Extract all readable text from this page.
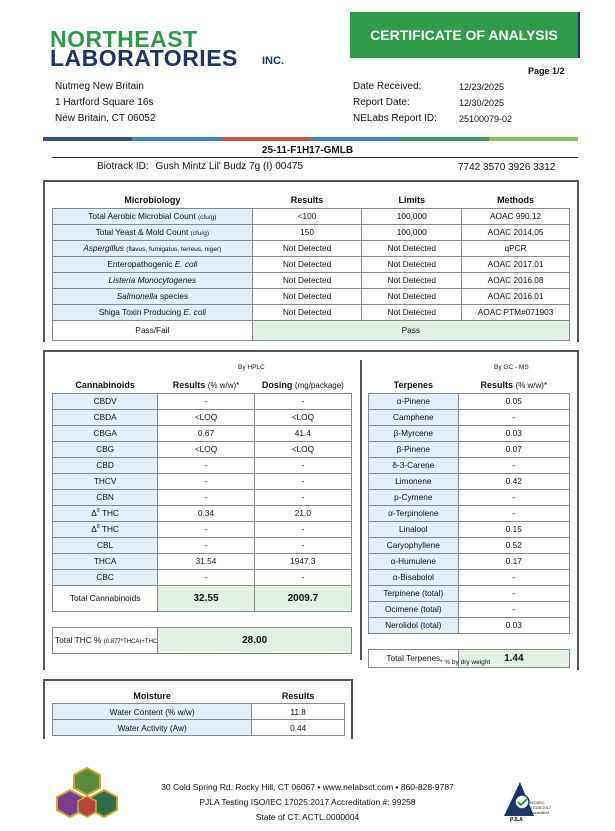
NORTHEAST
LABORATORIES INC.
CERTIFICATE OF ANALYSIS
Page 1/2
Nutmeg New Britain
1 Hartford Square 16s
New Britain, CT 06052
Date Received:	12/23/2025
Report Date:	12/30/2025
NELabs Report ID: 25100079-02
25-11-F1H17-GMLB
Biotrack ID: Gush Mintz Lil' Budz 7g (I) 00475	7742 3570 3926 3312
Microbiology	Results	Limits	Methods
Total Aerobic Microbial Count (cfu/g)	<100	100,000	AOAC 990.12
Total Yeast & Mold Count (cfu/g)	150	100,000	AOAC 2014.05
Aspergillus (flavus, fumigatus, terreus, niger)	Not Detected	Not Detected	qPCR
Enteropathogenic E. coli	Not Detected	Not Detected	AOAC 2017.01
Listeria Monocytogenes	Not Detected	Not Detected	AOAC 2016.08
Salmonella species	Not Detected	Not Detected	AOAC 2016.01
Shiga Toxin Producing E. coli	Not Detected	Not Detected	AOAC PTM#071903
Pass/Fail	Pass		
By HPLC	By GC - MS
Cannabinoids	Results (% w/w)*	Dosing (mg/package)
CBDV	-	-
CBDA	<LOQ	<LOQ
CBGA	0.67	41.4
CBG	<LOQ	<LOQ
CBD	-	-
THCV	-	-
CBN	-	-
$\Delta^9$ THC	0.34	21.0
$\Delta^8$ THC	-	-
CBL	-	-
THCA	31.54	1947.3
CBC	-	-
Total Cannabinoids	32.55	2009.7

Total THC % (0.877*THCA)+THC	28.00	
Terpenes	Results (% w/w)*
α-Pinene	0.05
Camphene	-
β-Myrcene	0.03
β-Pinene	0.07
δ-3-Carene	-
Limonene	0.42
p-Cymene	-
α-Terpinolene	-
Linalool	0.15
Caryophyllene	0.52
α-Humulene	0.17
α-Bisabolol	-
Terpinene (total)	-
Ocimene (total)	-
Nerolidol (total)	0.03

Total Terpenes	1.44
* % by dry weight
Moisture	Results
Water Content (% w/w)	11.8
Water Activity (Aw)	0.44
30 Cold Spring Rd. Rocky Hill, CT 06067 • www.nelabsct.com • 860-828-9787
PJLA Testing ISO/IEC 17025:2017 Accreditation #: 99258
State of CT: ACTL.0000004
ISO/IEC 17025:2017 Accredited
PJLA
